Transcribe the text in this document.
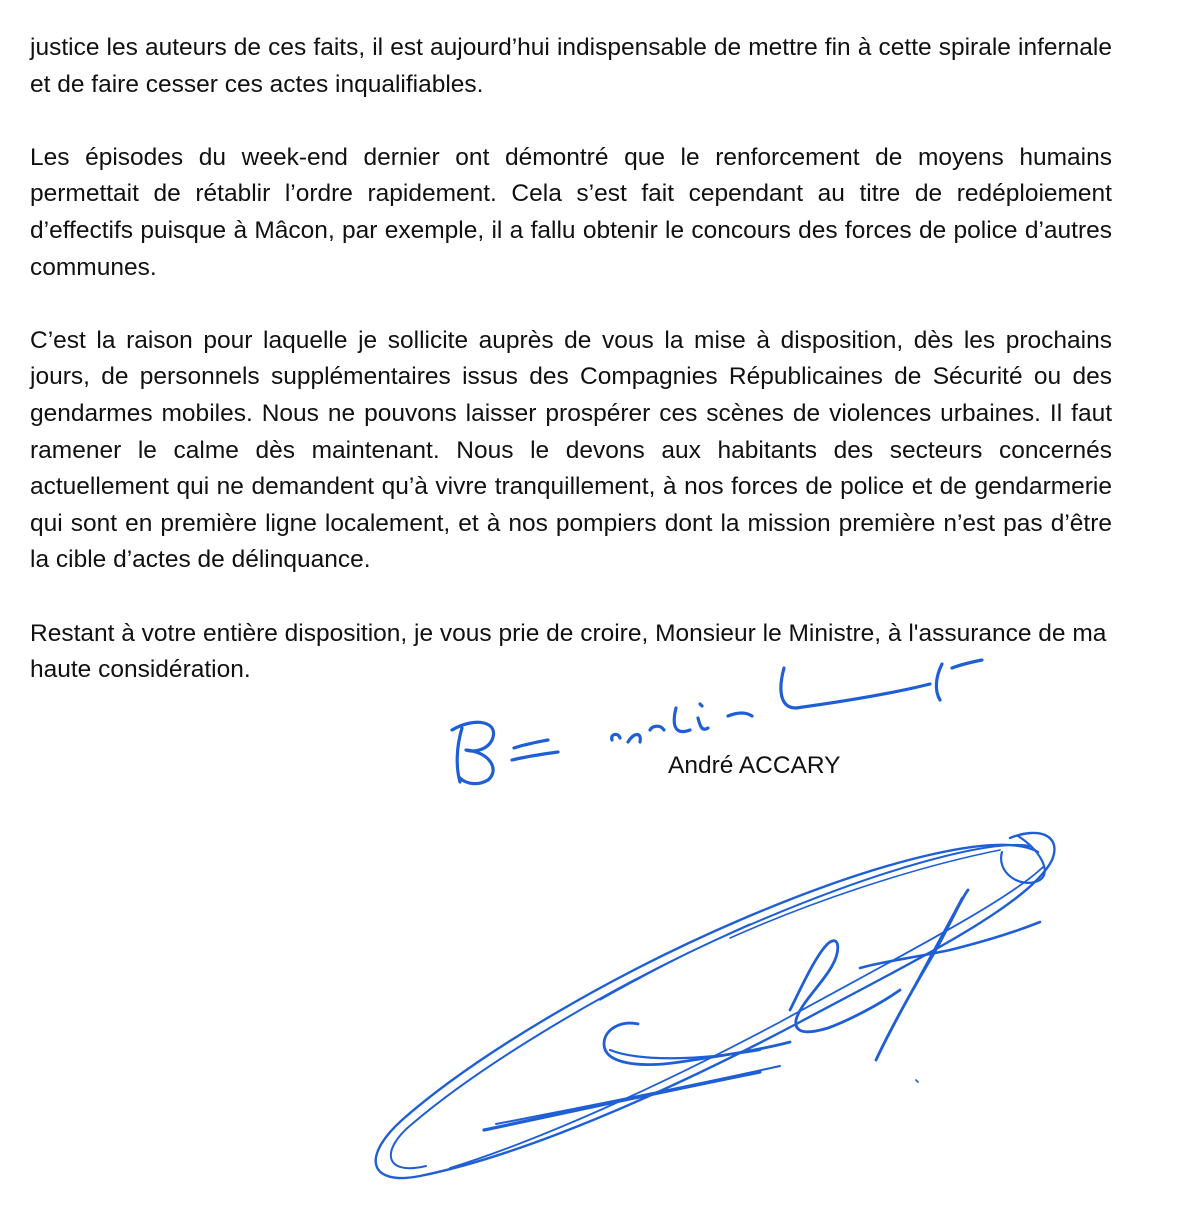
justice les auteurs de ces faits, il est aujourd’hui indispensable de mettre fin à cette spirale infernale et de faire cesser ces actes inqualifiables.

Les épisodes du week-end dernier ont démontré que le renforcement de moyens humains permettait de rétablir l’ordre rapidement. Cela s’est fait cependant au titre de redéploiement d’effectifs puisque à Mâcon, par exemple, il a fallu obtenir le concours des forces de police d’autres communes.

C’est la raison pour laquelle je sollicite auprès de vous la mise à disposition, dès les prochains jours, de personnels supplémentaires issus des Compagnies Républicaines de Sécurité ou des gendarmes mobiles. Nous ne pouvons laisser prospérer ces scènes de violences urbaines. Il faut ramener le calme dès maintenant. Nous le devons aux habitants des secteurs concernés actuellement qui ne demandent qu’à vivre tranquillement, à nos forces de police et de gendarmerie qui sont en première ligne localement, et à nos pompiers dont la mission première n’est pas d’être la cible d’actes de délinquance.

Restant à votre entière disposition, je vous prie de croire, Monsieur le Ministre, à l'assurance de ma haute considération.

André ACCARY
